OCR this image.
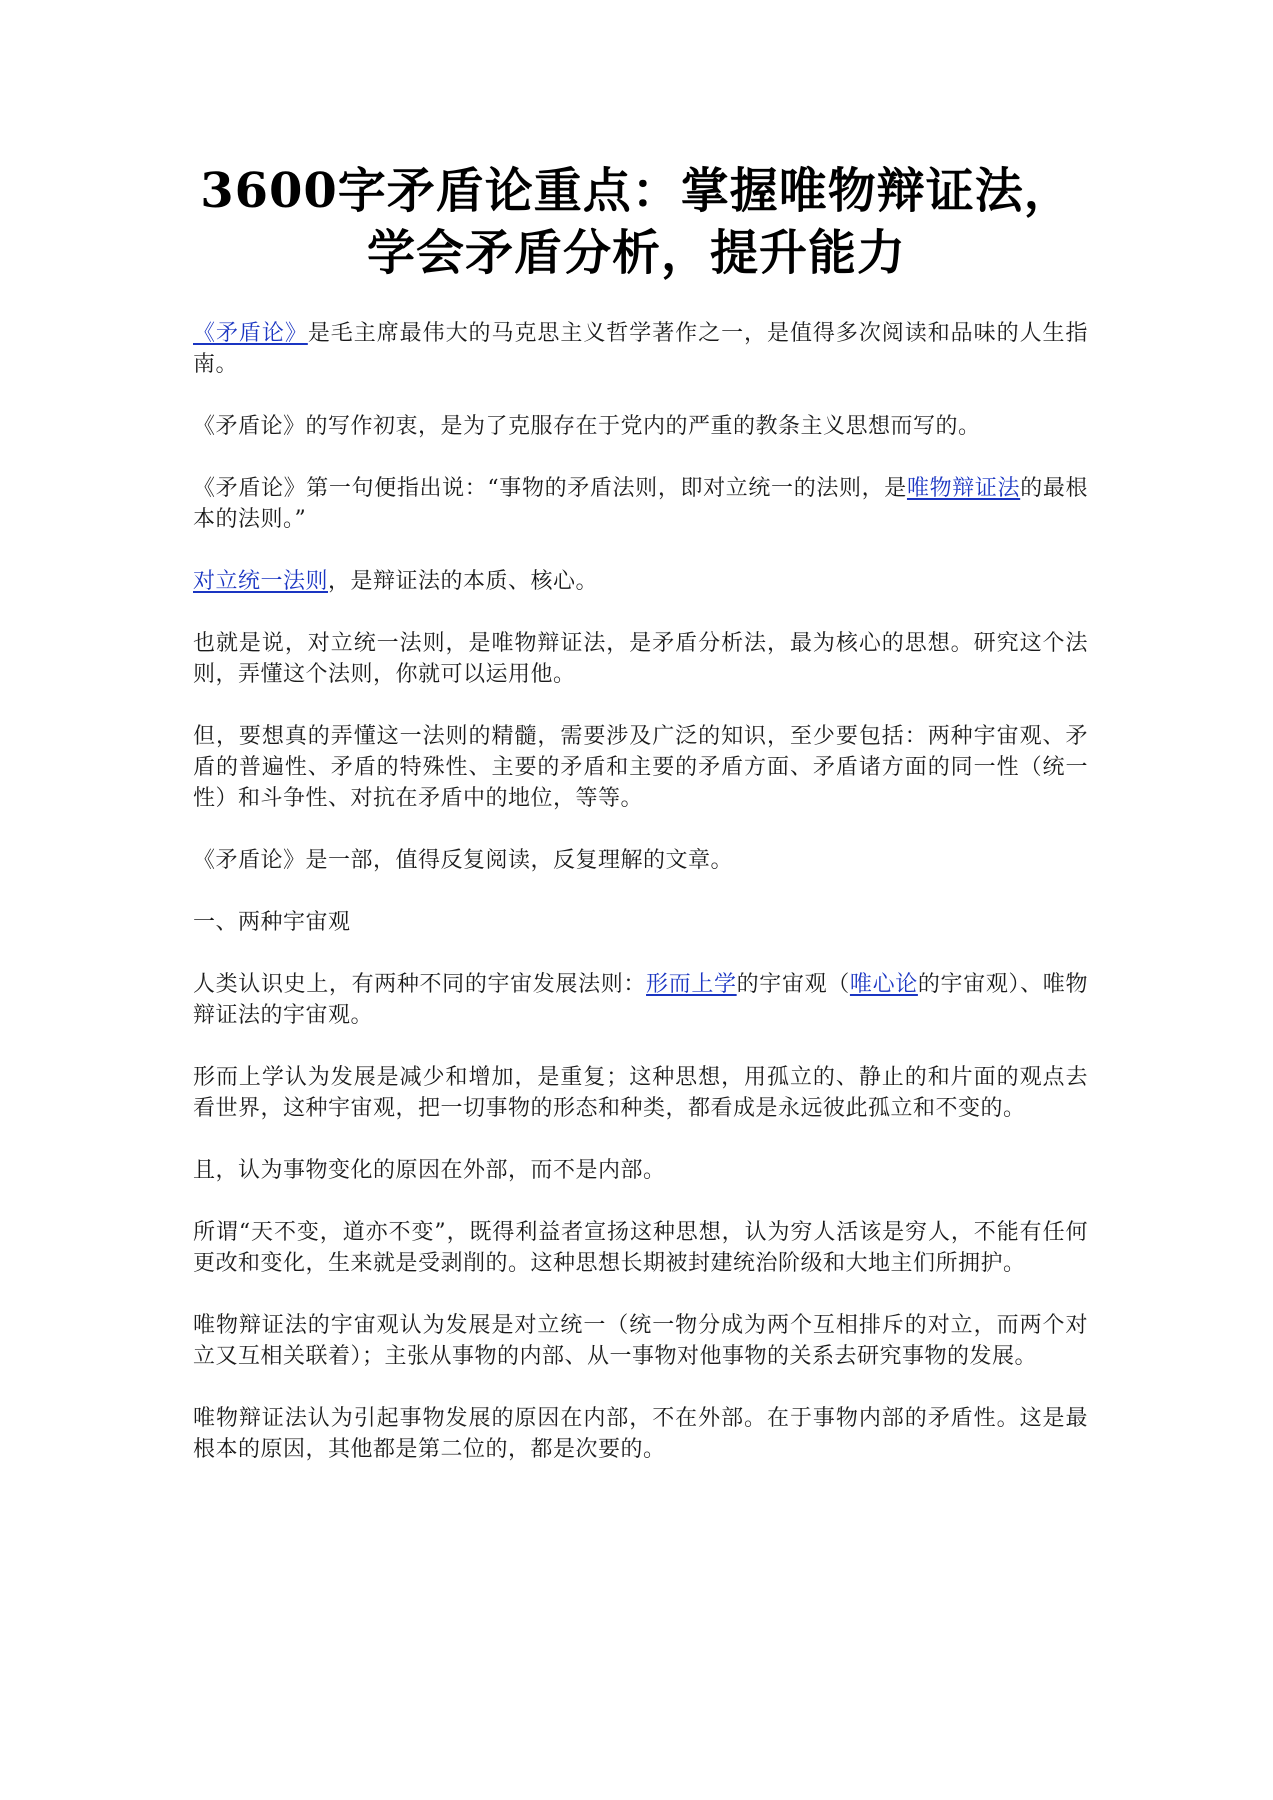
3600字矛盾论重点：掌握唯物辩证法，
学会矛盾分析，提升能力

《矛盾论》是毛主席最伟大的马克思主义哲学著作之一，是值得多次阅读和品味的人生指南。

《矛盾论》的写作初衷，是为了克服存在于党内的严重的教条主义思想而写的。

《矛盾论》第一句便指出说：“事物的矛盾法则，即对立统一的法则，是唯物辩证法的最根本的法则。”

对立统一法则，是辩证法的本质、核心。

也就是说，对立统一法则，是唯物辩证法，是矛盾分析法，最为核心的思想。研究这个法则，弄懂这个法则，你就可以运用他。

但，要想真的弄懂这一法则的精髓，需要涉及广泛的知识，至少要包括：两种宇宙观、矛盾的普遍性、矛盾的特殊性、主要的矛盾和主要的矛盾方面、矛盾诸方面的同一性（统一性）和斗争性、对抗在矛盾中的地位，等等。

《矛盾论》是一部，值得反复阅读，反复理解的文章。

一、两种宇宙观

人类认识史上，有两种不同的宇宙发展法则：形而上学的宇宙观（唯心论的宇宙观）、唯物辩证法的宇宙观。

形而上学认为发展是减少和增加，是重复；这种思想，用孤立的、静止的和片面的观点去看世界，这种宇宙观，把一切事物的形态和种类，都看成是永远彼此孤立和不变的。

且，认为事物变化的原因在外部，而不是内部。

所谓“天不变，道亦不变”，既得利益者宣扬这种思想，认为穷人活该是穷人，不能有任何更改和变化，生来就是受剥削的。这种思想长期被封建统治阶级和大地主们所拥护。

唯物辩证法的宇宙观认为发展是对立统一（统一物分成为两个互相排斥的对立，而两个对立又互相关联着）；主张从事物的内部、从一事物对他事物的关系去研究事物的发展。

唯物辩证法认为引起事物发展的原因在内部，不在外部。在于事物内部的矛盾性。这是最根本的原因，其他都是第二位的，都是次要的。
